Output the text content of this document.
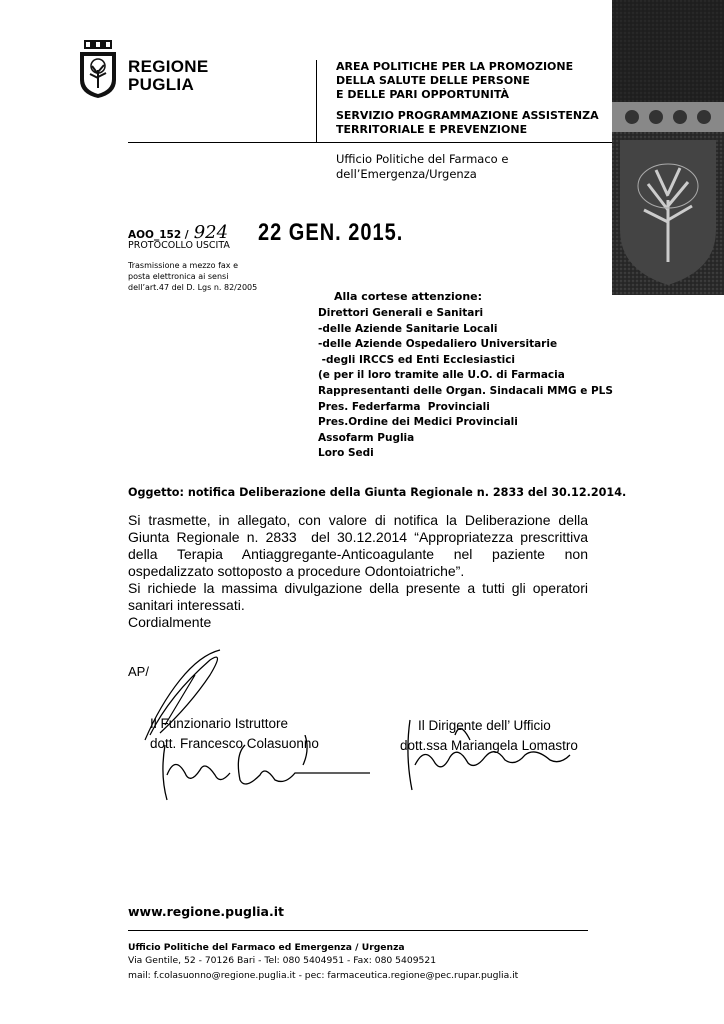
REGIONE
PUGLIA
AREA POLITICHE PER LA PROMOZIONE
DELLA SALUTE DELLE PERSONE
E DELLE PARI OPPORTUNITÀ
SERVIZIO PROGRAMMAZIONE ASSISTENZA
TERRITORIALE E PREVENZIONE
Ufficio Politiche del Farmaco e
dell’Emergenza/Urgenza
AOO_152 / 924
PROTOCOLLO USCITA 22 GEN. 2015.
Trasmissione a mezzo fax e
posta elettronica ai sensi
dell’art.47 del D. Lgs n. 82/2005
Alla cortese attenzione:
Direttori Generali e Sanitari
-delle Aziende Sanitarie Locali
-delle Aziende Ospedaliero Universitarie
-degli IRCCS ed Enti Ecclesiastici
(e per il loro tramite alle U.O. di Farmacia
Rappresentanti delle Organ. Sindacali MMG e PLS
Pres. Federfarma  Provinciali
Pres.Ordine dei Medici Provinciali
Assofarm Puglia
Loro Sedi
Oggetto: notifica Deliberazione della Giunta Regionale n. 2833 del 30.12.2014.

Si trasmette, in allegato, con valore di notifica la Deliberazione della Giunta Regionale n. 2833  del 30.12.2014 “Appropriatezza prescrittiva della Terapia Antiaggregante-Anticoagulante nel paziente non ospedalizzato sottoposto a procedure Odontoiatriche”.

Si richiede la massima divulgazione della presente a tutti gli operatori sanitari interessati.

Cordialmente

AP/
Il Funzionario Istruttore
dott. Francesco Colasuonno
Il Dirigente dell’ Ufficio
dott.ssa Mariangela Lomastro
www.regione.puglia.it
Ufficio Politiche del Farmaco ed Emergenza / Urgenza
Via Gentile, 52 - 70126 Bari - Tel: 080 5404951 - Fax: 080 5409521
mail: f.colasuonno@regione.puglia.it - pec: farmaceutica.regione@pec.rupar.puglia.it
